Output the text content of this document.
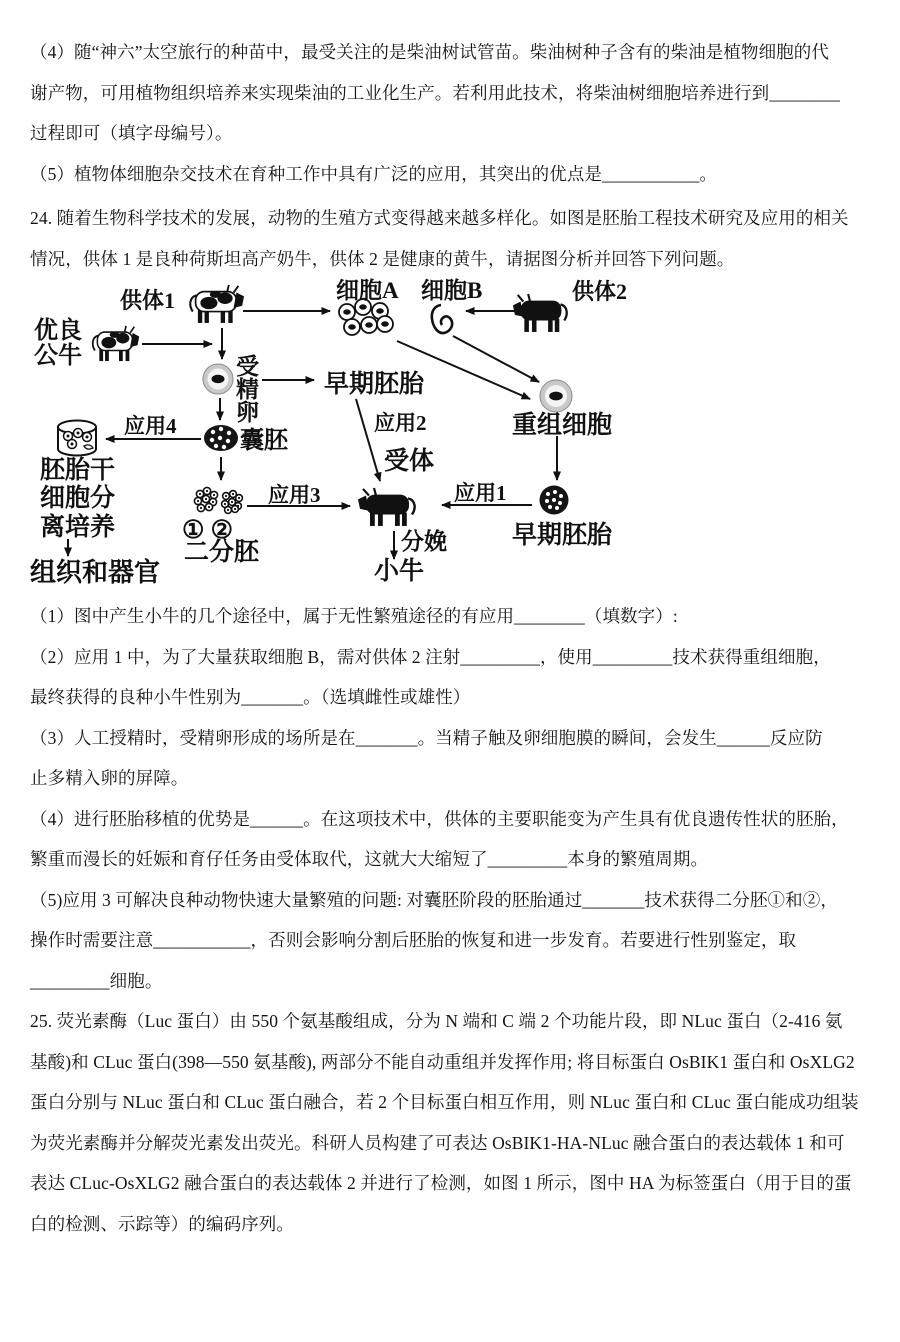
（4）随“神六”太空旅行的种苗中，最受关注的是柴油树试管苗。柴油树种子含有的柴油是植物细胞的代
谢产物，可用植物组织培养来实现柴油的工业化生产。若利用此技术，将柴油树细胞培养进行到________
过程即可（填字母编号）。
（5）植物体细胞杂交技术在育种工作中具有广泛的应用，其突出的优点是___________。
24. 随着生物科学技术的发展，动物的生殖方式变得越来越多样化。如图是胚胎工程技术研究及应用的相关
情况，供体 1 是良种荷斯坦高产奶牛，供体 2 是健康的黄牛，请据图分析并回答下列问题。
供体1	细胞A 细胞B	供体2
优良
公牛	受
精
卵
早期胚胎
应用2	重组细胞
应用4
囊胚
胚胎干
细胞分
离培养
组织和器官
① ②
二分胚
应用3
受体
应用1
早期胚胎
分娩
小牛
（1）图中产生小牛的几个途径中，属于无性繁殖途径的有应用________（填数字）:
（2）应用 1 中，为了大量获取细胞 B，需对供体 2 注射_________，使用_________技术获得重组细胞，
最终获得的良种小牛性别为_______。（选填雌性或雄性）
（3）人工授精时，受精卵形成的场所是在_______。当精子触及卵细胞膜的瞬间，会发生______反应防
止多精入卵的屏障。
（4）进行胚胎移植的优势是______。在这项技术中，供体的主要职能变为产生具有优良遗传性状的胚胎，
繁重而漫长的妊娠和育仔任务由受体取代，这就大大缩短了_________本身的繁殖周期。
（5)应用 3 可解决良种动物快速大量繁殖的问题: 对囊胚阶段的胚胎通过_______技术获得二分胚①和②，
操作时需要注意___________，否则会影响分割后胚胎的恢复和进一步发育。若要进行性别鉴定，取
_________细胞。
25. 荧光素酶（Luc 蛋白）由 550 个氨基酸组成，分为 N 端和 C 端 2 个功能片段，即 NLuc 蛋白（2-416 氨
基酸)和 CLuc 蛋白(398—550 氨基酸), 两部分不能自动重组并发挥作用; 将目标蛋白 OsBIK1 蛋白和 OsXLG2
蛋白分别与 NLuc 蛋白和 CLuc 蛋白融合，若 2 个目标蛋白相互作用，则 NLuc 蛋白和 CLuc 蛋白能成功组装
为荧光素酶并分解荧光素发出荧光。科研人员构建了可表达 OsBIK1-HA-NLuc 融合蛋白的表达载体 1 和可
表达 CLuc-OsXLG2 融合蛋白的表达载体 2 并进行了检测，如图 1 所示，图中 HA 为标签蛋白（用于目的蛋
白的检测、示踪等）的编码序列。
